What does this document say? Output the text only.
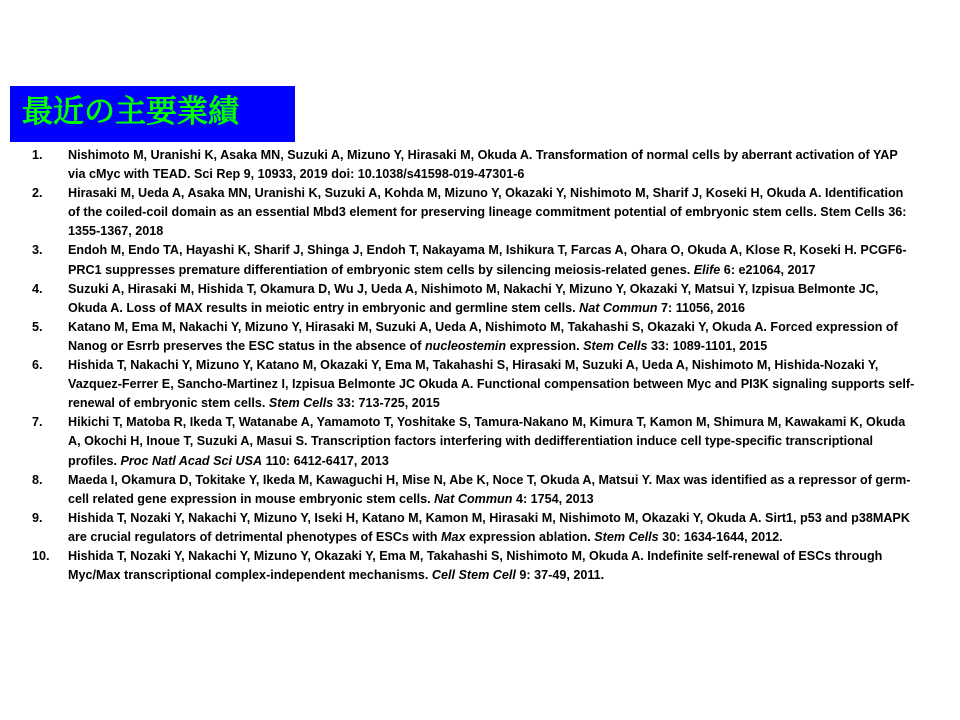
最近の主要業績
1.	Nishimoto M, Uranishi K, Asaka MN, Suzuki A, Mizuno Y, Hirasaki M, Okuda A. Transformation of normal cells by aberrant activation of YAP via cMyc with TEAD. Sci Rep 9, 10933, 2019 doi: 10.1038/s41598-019-47301-6
2.	Hirasaki M, Ueda A, Asaka MN, Uranishi K, Suzuki A, Kohda M, Mizuno Y, Okazaki Y, Nishimoto M, Sharif J, Koseki H, Okuda A. Identification of the coiled-coil domain as an essential Mbd3 element for preserving lineage commitment potential of embryonic stem cells. Stem Cells 36: 1355-1367, 2018
3.	Endoh M, Endo TA, Hayashi K, Sharif J, Shinga J, Endoh T, Nakayama M, Ishikura T, Farcas A, Ohara O, Okuda A, Klose R, Koseki H. PCGF6-PRC1 suppresses premature differentiation of embryonic stem cells by silencing meiosis-related genes. Elife 6: e21064, 2017
4.	Suzuki A, Hirasaki M, Hishida T, Okamura D, Wu J, Ueda A, Nishimoto M, Nakachi Y, Mizuno Y, Okazaki Y, Matsui Y, Izpisua Belmonte JC, Okuda A. Loss of MAX results in meiotic entry in embryonic and germline stem cells. Nat Commun 7: 11056, 2016
5.	Katano M, Ema M, Nakachi Y, Mizuno Y, Hirasaki M, Suzuki A, Ueda A, Nishimoto M, Takahashi S, Okazaki Y, Okuda A. Forced expression of Nanog or Esrrb preserves the ESC status in the absence of nucleostemin expression. Stem Cells 33: 1089-1101, 2015
6.	Hishida T, Nakachi Y, Mizuno Y, Katano M, Okazaki Y, Ema M, Takahashi S, Hirasaki M, Suzuki A, Ueda A, Nishimoto M, Hishida-Nozaki Y, Vazquez-Ferrer E, Sancho-Martinez I, Izpisua Belmonte JC Okuda A. Functional compensation between Myc and PI3K signaling supports self-renewal of embryonic stem cells. Stem Cells 33: 713-725, 2015
7.	Hikichi T, Matoba R, Ikeda T, Watanabe A, Yamamoto T, Yoshitake S, Tamura-Nakano M, Kimura T, Kamon M, Shimura M, Kawakami K, Okuda A, Okochi H, Inoue T, Suzuki A, Masui S. Transcription factors interfering with dedifferentiation induce cell type-specific transcriptional profiles. Proc Natl Acad Sci USA 110: 6412-6417, 2013
8.	Maeda I, Okamura D, Tokitake Y, Ikeda M, Kawaguchi H, Mise N, Abe K, Noce T, Okuda A, Matsui Y. Max was identified as a repressor of germ-cell related gene expression in mouse embryonic stem cells. Nat Commun 4: 1754, 2013
9.	Hishida T, Nozaki Y, Nakachi Y, Mizuno Y, Iseki H, Katano M, Kamon M, Hirasaki M, Nishimoto M, Okazaki Y, Okuda A. Sirt1, p53 and p38MAPK are crucial regulators of detrimental phenotypes of ESCs with Max expression ablation. Stem Cells 30: 1634-1644, 2012.
10.	Hishida T, Nozaki Y, Nakachi Y, Mizuno Y, Okazaki Y, Ema M, Takahashi S, Nishimoto M, Okuda A. Indefinite self-renewal of ESCs through Myc/Max transcriptional complex-independent mechanisms. Cell Stem Cell 9: 37-49, 2011.
